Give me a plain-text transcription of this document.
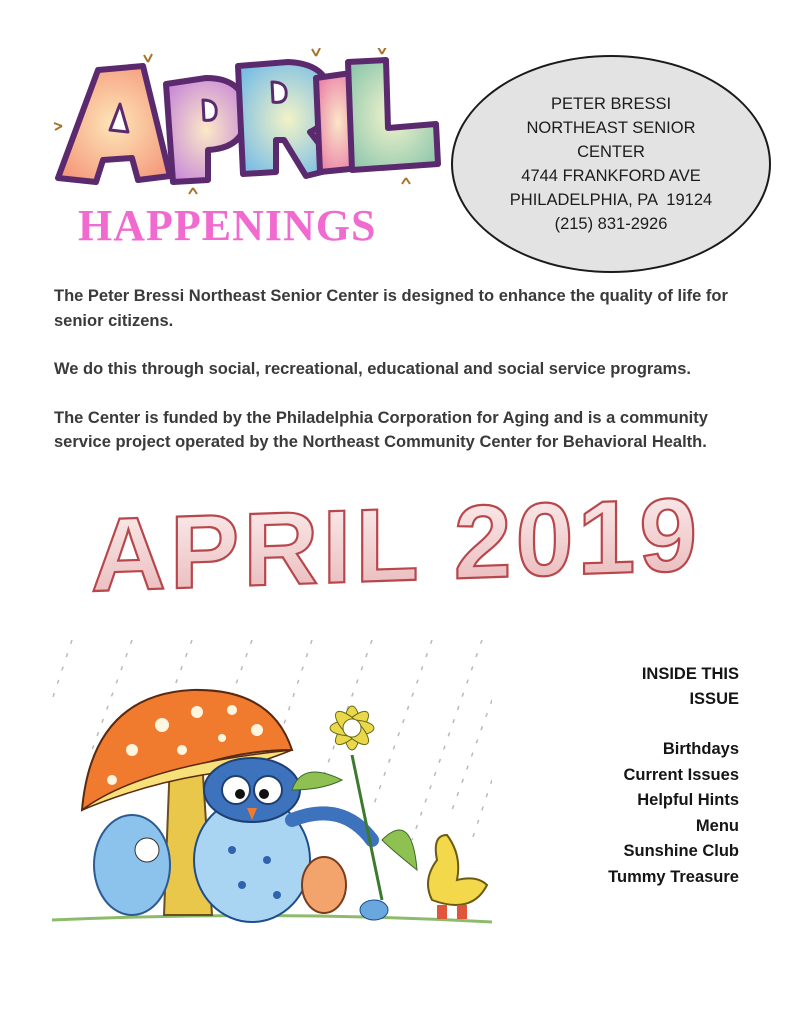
HAPPENINGS
PETER BRESSI
NORTHEAST SENIOR
CENTER
4744 FRANKFORD AVE
PHILADELPHIA, PA  19124
(215) 831-2926

The Peter Bressi Northeast Senior Center is designed to enhance the quality of life for senior citizens.

We do this through social, recreational, educational and social service programs.

The Center is funded by the Philadelphia Corporation for Aging and is a community service project operated by the Northeast Community Center for Behavioral Health.

APRIL 2019
INSIDE THIS
ISSUE
Birthdays
Current Issues
Helpful Hints
Menu
Sunshine Club
Tummy Treasure
